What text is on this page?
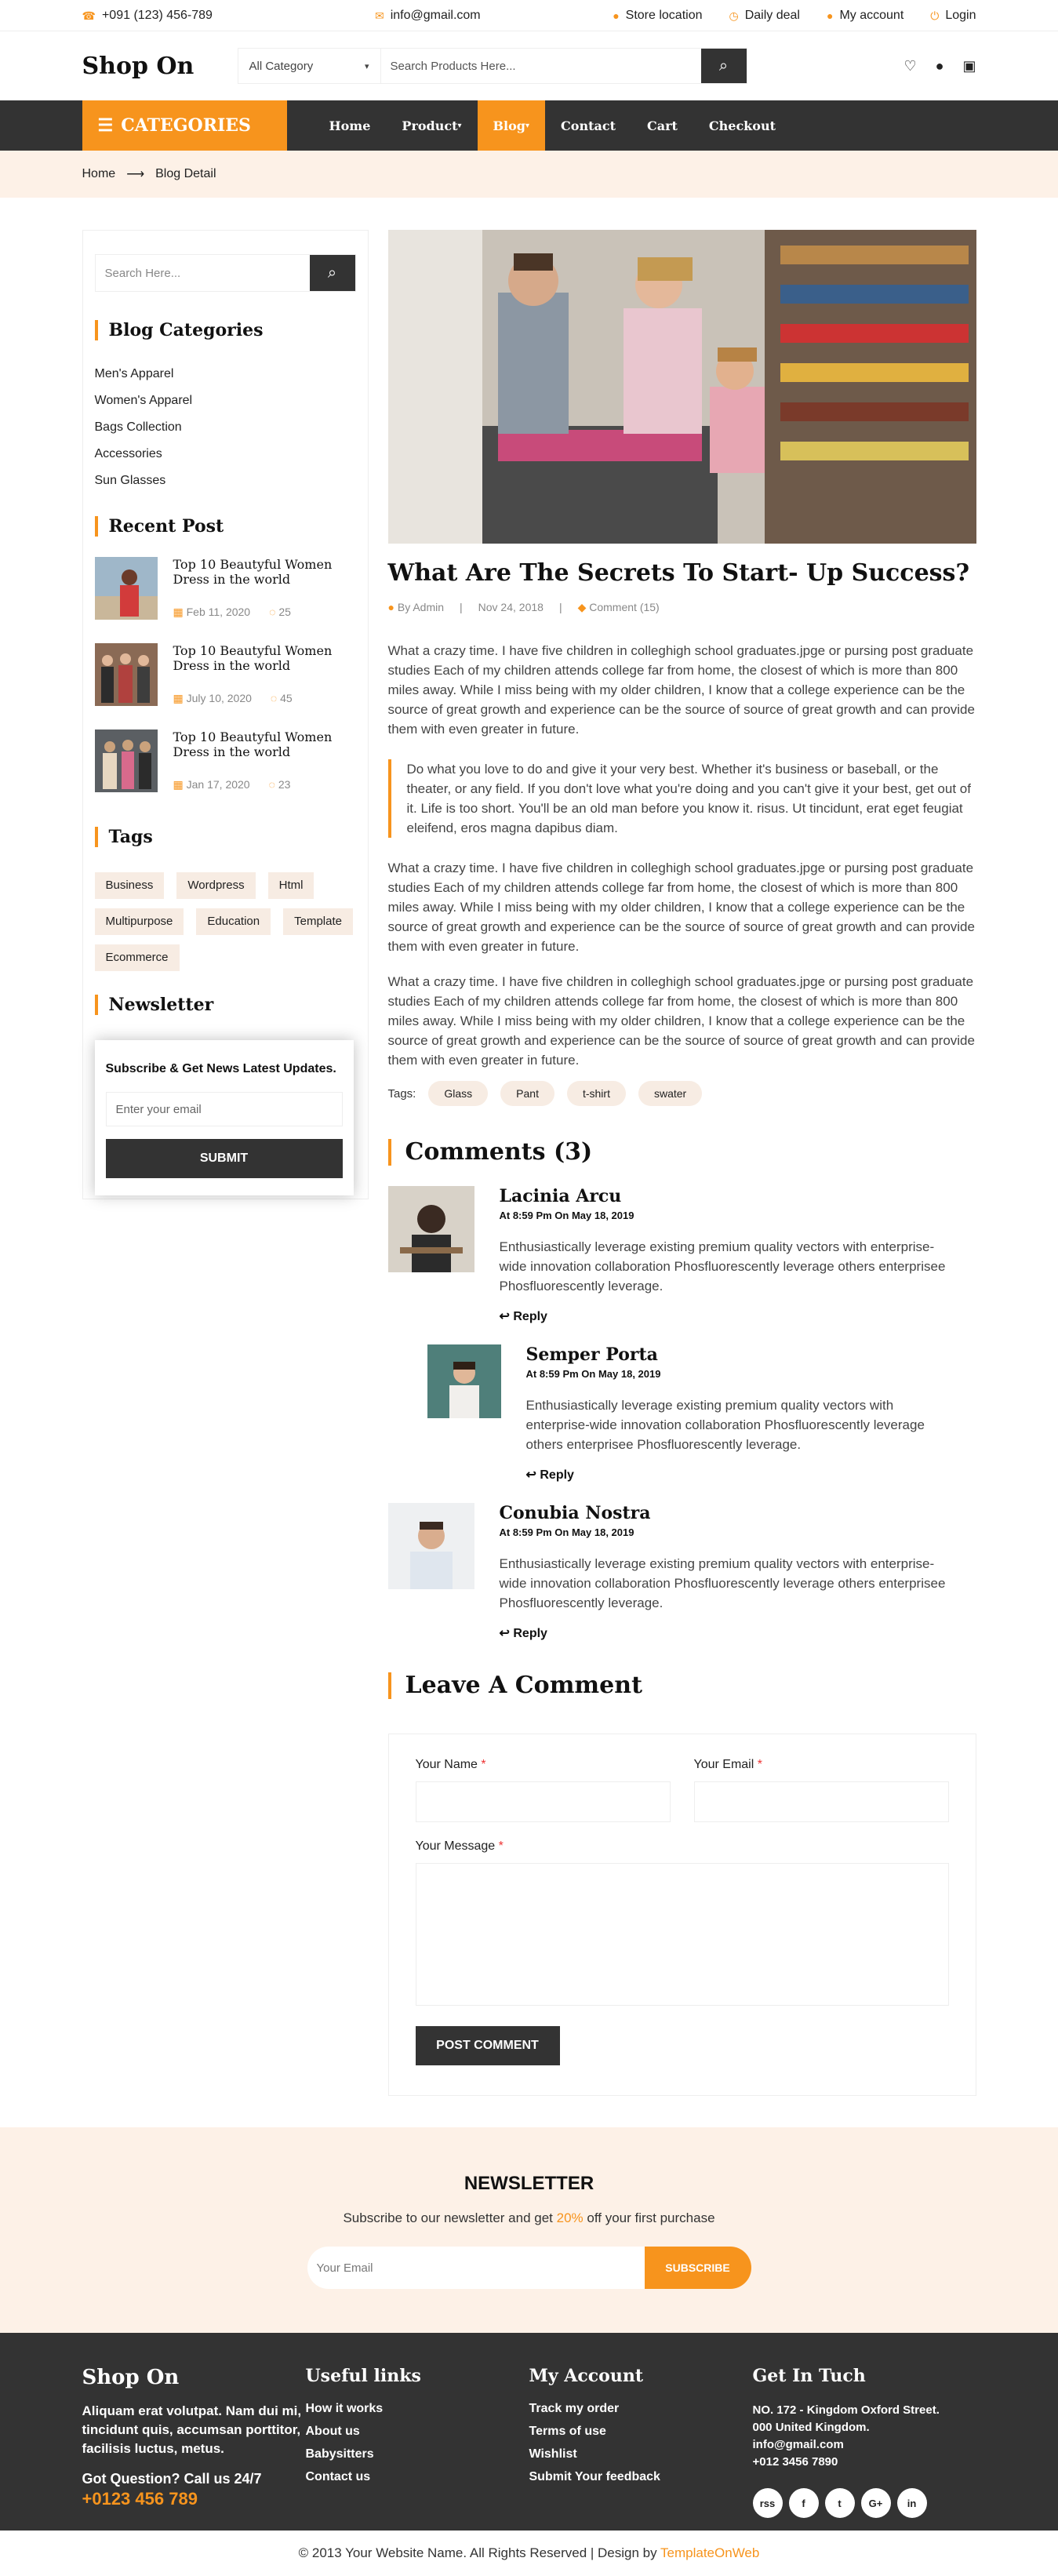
☎ +091 (123) 456-789	✉ info@gmail.com	● Store location ◷ Daily deal ● My account ⏻ Login
Shop On	All Category	▾	Search Products Here...	⌕	♡ ● ▣
☰ CATEGORIES	Home	Product ▾	Blog ▾	Contact	Cart	Checkout
Home ⟶ Blog Detail
Search Here...	⌕
Blog Categories
Men's Apparel
Women's Apparel
Bags Collection
Accessories
Sun Glasses
Recent Post
Top 10 Beautyful Women Dress in the world
▦ Feb 11, 2020 ◌ 25
Top 10 Beautyful Women Dress in the world
▦ July 10, 2020 ◌ 45
Top 10 Beautyful Women Dress in the world
▦ Jan 17, 2020 ◌ 23
Tags
Business	Wordpress	Html
Multipurpose	Education	Template
Ecommerce
Newsletter
Subscribe & Get News Latest Updates.
Enter your email
SUBMIT
What Are The Secrets To Start- Up Success?
● By Admin | Nov 24, 2018 | ◆ Comment (15)

What a crazy time. I have five children in colleghigh school graduates.jpge or pursing post graduate studies Each of my children attends college far from home, the closest of which is more than 800 miles away. While I miss being with my older children, I know that a college experience can be the source of great growth and experience can be the source of source of great growth and can provide them with even greater in future.

Do what you love to do and give it your very best. Whether it's business or baseball, or the theater, or any field. If you don't love what you're doing and you can't give it your best, get out of it. Life is too short. You'll be an old man before you know it. risus. Ut tincidunt, erat eget feugiat eleifend, eros magna dapibus diam.

What a crazy time. I have five children in colleghigh school graduates.jpge or pursing post graduate studies Each of my children attends college far from home, the closest of which is more than 800 miles away. While I miss being with my older children, I know that a college experience can be the source of great growth and experience can be the source of source of great growth and can provide them with even greater in future.

What a crazy time. I have five children in colleghigh school graduates.jpge or pursing post graduate studies Each of my children attends college far from home, the closest of which is more than 800 miles away. While I miss being with my older children, I know that a college experience can be the source of great growth and experience can be the source of source of great growth and can provide them with even greater in future.

Tags:	Glass	Pant	t-shirt	swater
Comments (3)
Lacinia Arcu
At 8:59 Pm On May 18, 2019
Enthusiastically leverage existing premium quality vectors with enterprise-wide innovation collaboration Phosfluorescently leverage others enterprisee Phosfluorescently leverage.
↩ Reply
Semper Porta
At 8:59 Pm On May 18, 2019
Enthusiastically leverage existing premium quality vectors with enterprise-wide innovation collaboration Phosfluorescently leverage others enterprisee Phosfluorescently leverage.
↩ Reply
Conubia Nostra
At 8:59 Pm On May 18, 2019
Enthusiastically leverage existing premium quality vectors with enterprise-wide innovation collaboration Phosfluorescently leverage others enterprisee Phosfluorescently leverage.
↩ Reply
Leave A Comment
Your Name *	Your Email *
Your Message *
POST COMMENT
NEWSLETTER

Subscribe to our newsletter and get 20% off your first purchase

Your Email	SUBSCRIBE
Shop On
Aliquam erat volutpat. Nam dui mi, tincidunt quis, accumsan porttitor, facilisis luctus, metus.
Got Question? Call us 24/7
+0123 456 789
Useful links
How it works
About us
Babysitters
Contact us
My Account
Track my order
Terms of use
Wishlist
Submit Your feedback
Get In Tuch
NO. 172 - Kingdom Oxford Street.
000 United Kingdom.
info@gmail.com
+012 3456 7890
rss	f	t	G+	in
© 2013 Your Website Name. All Rights Reserved | Design by TemplateOnWeb
